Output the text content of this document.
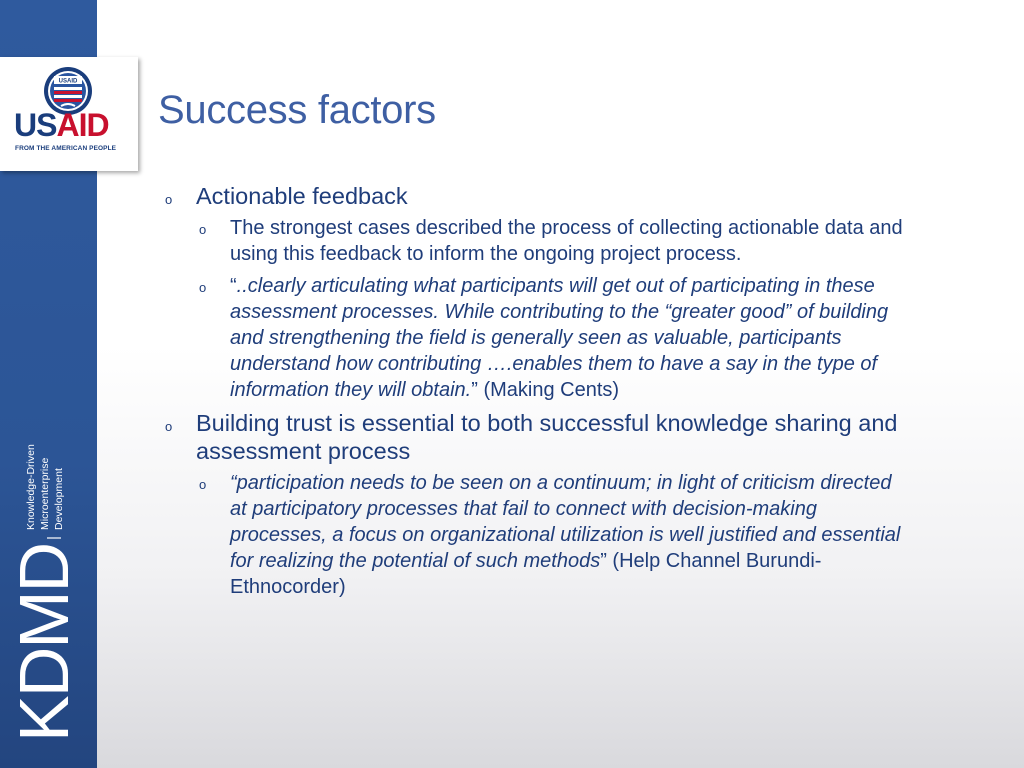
USAID
USAID
FROM THE AMERICAN PEOPLE
KDMD
Knowledge-Driven Microenterprise Development
Success factors
o Actionable feedback
o The strongest cases described the process of collecting actionable data and using this feedback to inform the ongoing project process.
o “..clearly articulating what participants will get out of participating in these assessment processes. While contributing to the “greater good” of building and strengthening the field is generally seen as valuable, participants understand how contributing ….enables them to have a say in the type of information they will obtain.” (Making Cents)
o Building trust is essential to both successful knowledge sharing and assessment process
o “participation needs to be seen on a continuum; in light of criticism directed at participatory processes that fail to connect with decision-making processes, a focus on organizational utilization is well justified and essential for realizing the potential of such methods” (Help Channel Burundi-Ethnocorder)
